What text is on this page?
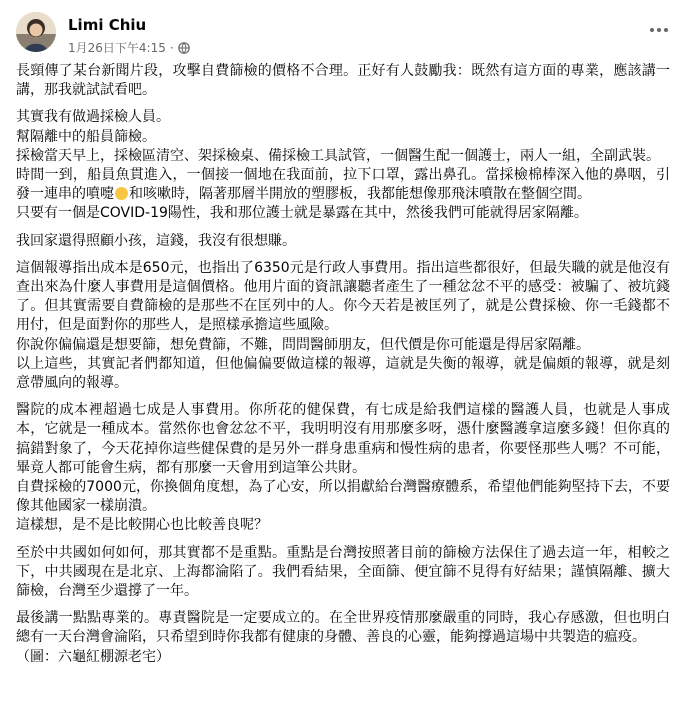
Limi Chiu
1月26日下午4:15 ·

長頸傳了某台新聞片段，攻擊自費篩檢的價格不合理。正好有人鼓勵我：既然有這方面的專業，應該講一講，那我就試試看吧。

其實我有做過採檢人員。
幫隔離中的船員篩檢。
採檢當天早上，採檢區清空、架採檢桌、備採檢工具試管，一個醫生配一個護士，兩人一組，全副武裝。
時間一到，船員魚貫進入，一個接一個地在我面前，拉下口罩，露出鼻孔。當採檢棉棒深入他的鼻咽，引發一連串的噴嚏 和咳嗽時，隔著那層半開放的塑膠板，我都能想像那飛沫噴散在整個空間。
只要有一個是COVID-19陽性，我和那位護士就是暴露在其中，然後我們可能就得居家隔離。

我回家還得照顧小孩，這錢，我沒有很想賺。

這個報導指出成本是650元，也指出了6350元是行政人事費用。指出這些都很好，但最失職的就是他沒有查出來為什麼人事費用是這個價格。他用片面的資訊讓聽者產生了一種忿忿不平的感受：被騙了、被坑錢了。但其實需要自費篩檢的是那些不在匡列中的人。你今天若是被匡列了，就是公費採檢、你一毛錢都不用付，但是面對你的那些人，是照樣承擔這些風險。
你說你偏偏還是想要篩，想免費篩，不難，問問醫師朋友，但代價是你可能還是得居家隔離。
以上這些，其實記者們都知道，但他偏偏要做這樣的報導，這就是失衡的報導，就是偏頗的報導，就是刻意帶風向的報導。

醫院的成本裡超過七成是人事費用。你所花的健保費，有七成是給我們這樣的醫護人員，也就是人事成本，它就是一種成本。當然你也會忿忿不平，我明明沒有用那麼多呀，憑什麼醫護拿這麼多錢！但你真的搞錯對象了，今天花掉你這些健保費的是另外一群身患重病和慢性病的患者，你要怪那些人嗎？不可能，畢竟人都可能會生病，都有那麼一天會用到這筆公共財。
自費採檢的7000元，你換個角度想，為了心安，所以捐獻給台灣醫療體系，希望他們能夠堅持下去，不要像其他國家一樣崩潰。
這樣想，是不是比較開心也比較善良呢？

至於中共國如何如何，那其實都不是重點。重點是台灣按照著目前的篩檢方法保住了過去這一年，相較之下，中共國現在是北京、上海都淪陷了。我們看結果，全面篩、便宜篩不見得有好結果；謹慎隔離、擴大篩檢，台灣至少還撐了一年。

最後講一點點專業的。專責醫院是一定要成立的。在全世界疫情那麼嚴重的同時，我心存感激，但也明白總有一天台灣會淪陷，只希望到時你我都有健康的身體、善良的心靈，能夠撐過這場中共製造的瘟疫。
（圖：六龜紅棚源老宅）
